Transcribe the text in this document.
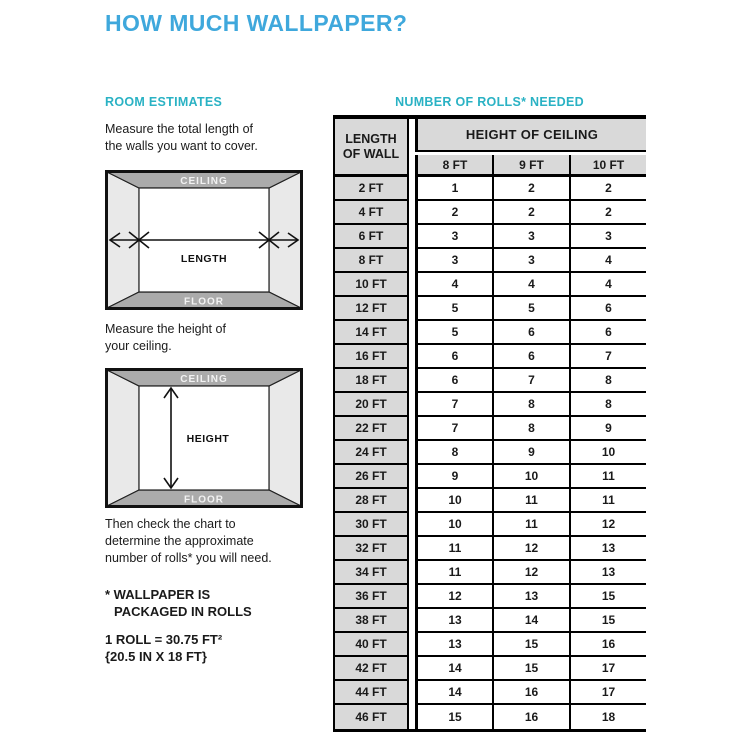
HOW MUCH WALLPAPER?
ROOM ESTIMATES	NUMBER OF ROLLS* NEEDED
Measure the total length of
the walls you want to cover.
CEILING
FLOOR
LENGTH
Measure the height of
your ceiling.
CEILING
FLOOR
HEIGHT
Then check the chart to
determine the approximate
number of rolls* you will need.
* WALLPAPER IS
PACKAGED IN ROLLS
1 ROLL = 30.75 FT²
{20.5 IN X 18 FT}
LENGTH
OF WALL
HEIGHT OF CEILING
8 FT	9 FT	10 FT
2 FT	1	2	2
4 FT	2	2	2
6 FT	3	3	3
8 FT	3	3	4
10 FT	4	4	4
12 FT	5	5	6
14 FT	5	6	6
16 FT	6	6	7
18 FT	6	7	8
20 FT	7	8	8
22 FT	7	8	9
24 FT	8	9	10
26 FT	9	10	11
28 FT	10	11	11
30 FT	10	11	12
32 FT	11	12	13
34 FT	11	12	13
36 FT	12	13	15
38 FT	13	14	15
40 FT	13	15	16
42 FT	14	15	17
44 FT	14	16	17
46 FT	15	16	18
